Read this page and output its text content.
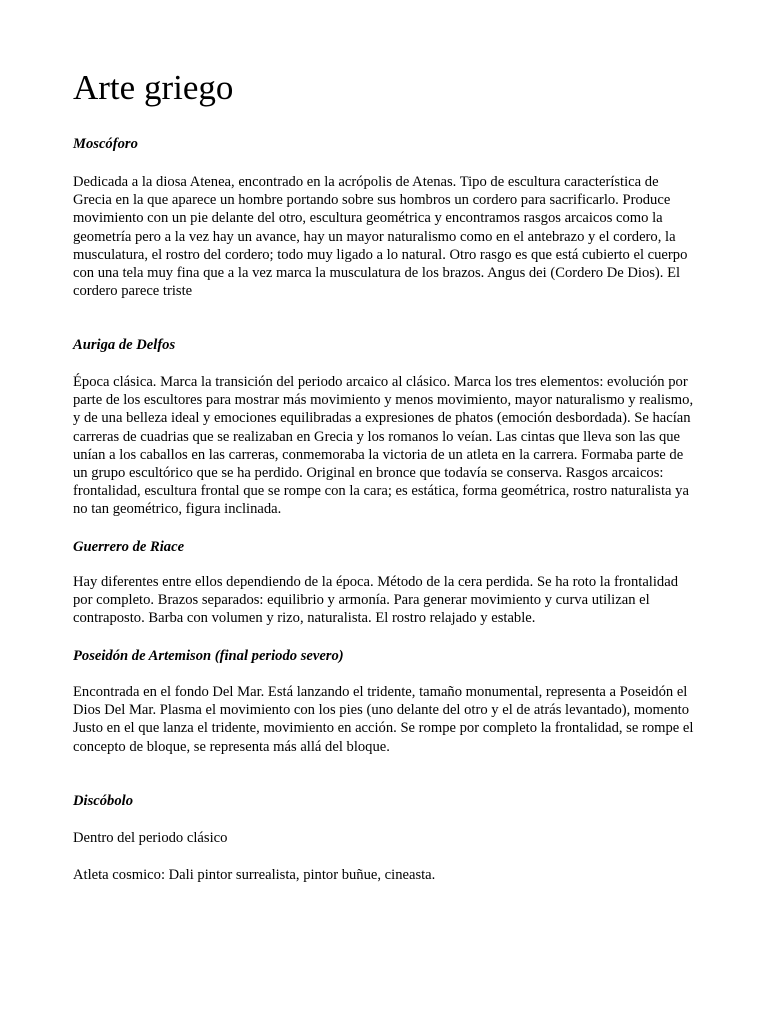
Arte griego
Moscóforo

Dedicada a la diosa Atenea, encontrado en la acrópolis de Atenas. Tipo de escultura característica de Grecia en la que aparece un hombre portando sobre sus hombros un cordero para sacrificarlo. Produce movimiento con un pie delante del otro, escultura geométrica y encontramos rasgos arcaicos como la geometría pero a la vez hay un avance, hay un mayor naturalismo como en el antebrazo y el cordero, la musculatura, el rostro del cordero; todo muy ligado a lo natural. Otro rasgo es que está cubierto el cuerpo con una tela muy fina que a la vez marca la musculatura de los brazos. Angus dei (Cordero De Dios). El cordero parece triste

Auriga de Delfos

Época clásica. Marca la transición del periodo arcaico al clásico. Marca los tres elementos: evolución por parte de los escultores para mostrar más movimiento y menos movimiento, mayor naturalismo y realismo, y de una belleza ideal y emociones equilibradas a expresiones de phatos (emoción desbordada). Se hacían carreras de cuadrias que se realizaban en Grecia y los romanos lo veían. Las cintas que lleva son las que unían a los caballos en las carreras, conmemoraba la victoria de un atleta en la carrera. Formaba parte de un grupo escultórico que se ha perdido. Original en bronce que todavía se conserva. Rasgos arcaicos: frontalidad, escultura frontal que se rompe con la cara; es estática, forma geométrica, rostro naturalista ya no tan geométrico, figura inclinada.

Guerrero de Riace

Hay diferentes entre ellos dependiendo de la época. Método de la cera perdida. Se ha roto la frontalidad por completo. Brazos separados: equilibrio y armonía. Para generar movimiento y curva utilizan el contraposto. Barba con volumen y rizo, naturalista. El rostro relajado y estable.

Poseidón de Artemison (final periodo severo)

Encontrada en el fondo Del Mar. Está lanzando el tridente, tamaño monumental, representa a Poseidón el Dios Del Mar. Plasma el movimiento con los pies (uno delante del otro y el de atrás levantado), momento Justo en el que lanza el tridente, movimiento en acción. Se rompe por completo la frontalidad, se rompe el concepto de bloque, se representa más allá del bloque.

Discóbolo

Dentro del periodo clásico

Atleta cosmico: Dali pintor surrealista, pintor buñue, cineasta.
